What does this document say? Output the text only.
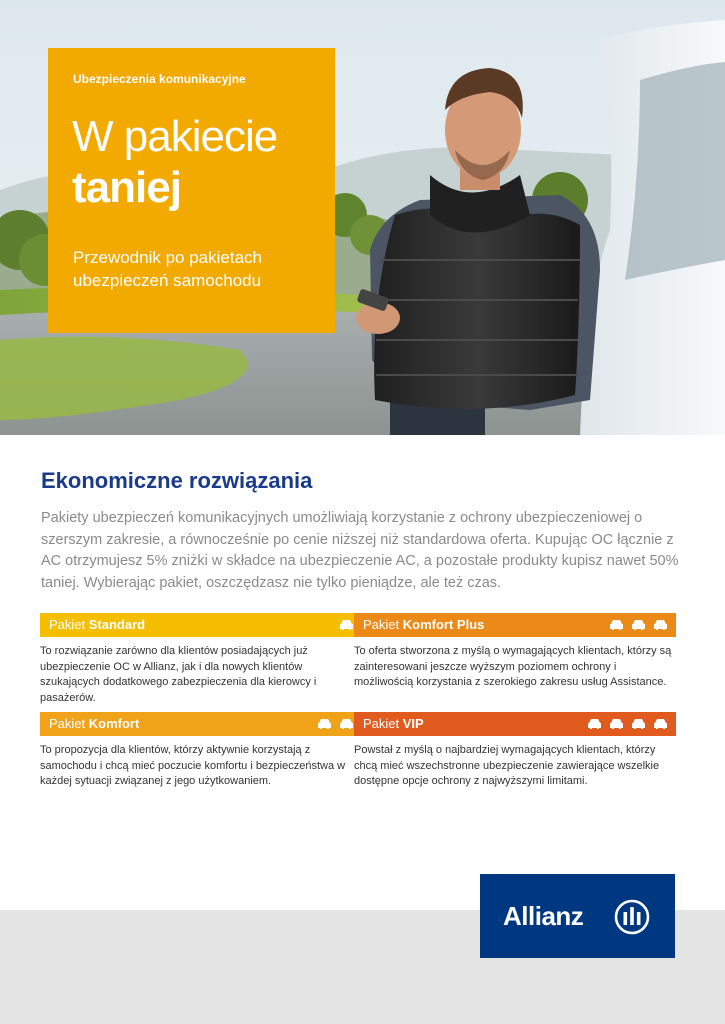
Ubezpieczenia komunikacyjne
W pakiecie
taniej
Przewodnik po pakietach ubezpieczeń samochodu
Ekonomiczne rozwiązania

Pakiety ubezpieczeń komunikacyjnych umożliwiają korzystanie z ochrony ubezpieczeniowej o szerszym zakresie, a równocześnie po cenie niższej niż standardowa oferta. Kupując OC łącznie z AC otrzymujesz 5% zniżki w składce na ubezpieczenie AC, a pozostałe produkty kupisz nawet 50% taniej. Wybierając pakiet, oszczędzasz nie tylko pieniądze, ale też czas.

Pakiet Standard

To rozwiązanie zarówno dla klientów posiadających już ubezpieczenie OC w Allianz, jak i dla nowych klientów szukających dodatkowego zabezpieczenia dla kierowcy i pasażerów.

Pakiet Komfort Plus

To oferta stworzona z myślą o wymagających klientach, którzy są zainteresowani jeszcze wyższym poziomem ochrony i możliwością korzystania z szerokiego zakresu usług Assistance.

Pakiet Komfort

To propozycja dla klientów, którzy aktywnie korzystają z samochodu i chcą mieć poczucie komfortu i bezpieczeństwa w każdej sytuacji związanej z jego użytkowaniem.

Pakiet VIP

Powstał z myślą o najbardziej wymagających klientach, którzy chcą mieć wszechstronne ubezpieczenie zawierające wszelkie dostępne opcje ochrony z najwyższymi limitami.

Allianz
